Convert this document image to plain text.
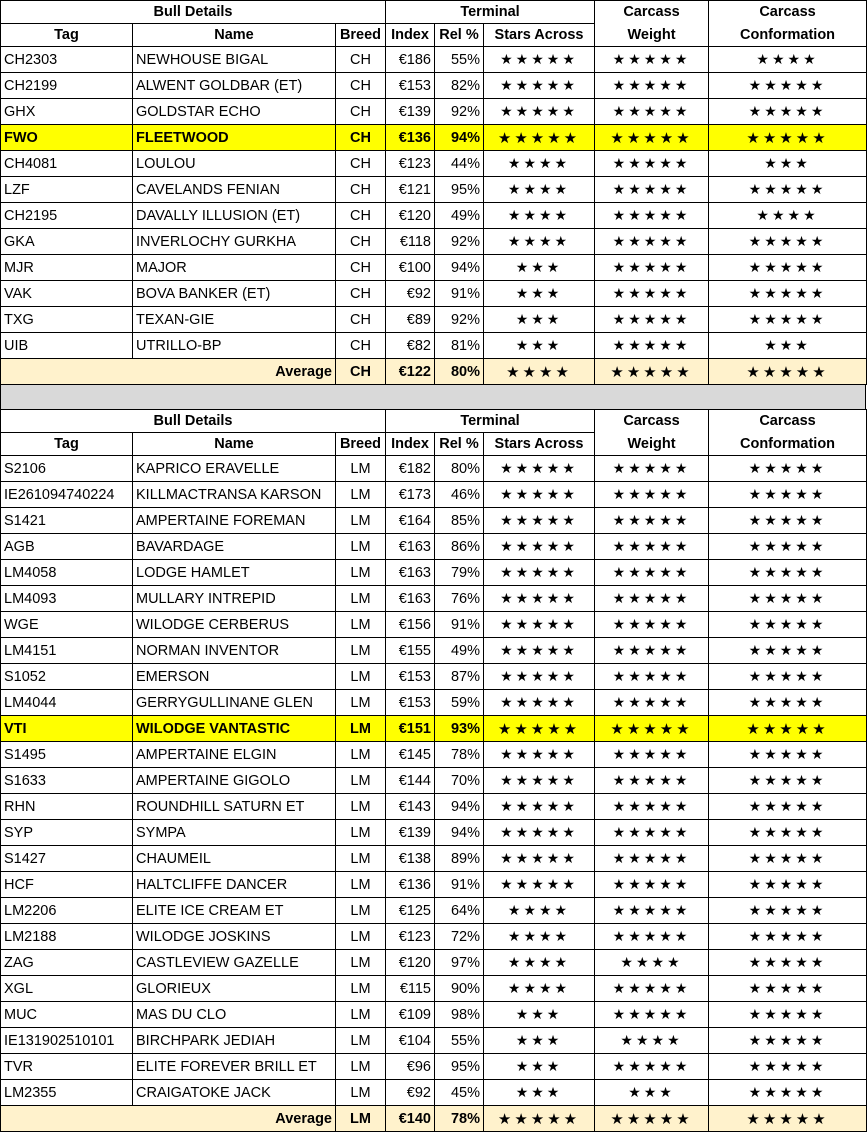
Bull Details			Terminal			Carcass	Carcass
Tag	Name	Breed	Index	Rel %	Stars Across	Weight	Conformation
CH2303	NEWHOUSE BIGAL	CH	€186	55%	★★★★★	★★★★★	★★★★
CH2199	ALWENT GOLDBAR (ET)	CH	€153	82%	★★★★★	★★★★★	★★★★★
GHX	GOLDSTAR ECHO	CH	€139	92%	★★★★★	★★★★★	★★★★★
FWO	FLEETWOOD	CH	€136	94%	★★★★★	★★★★★	★★★★★
CH4081	LOULOU	CH	€123	44%	★★★★	★★★★★	★★★
LZF	CAVELANDS FENIAN	CH	€121	95%	★★★★	★★★★★	★★★★★
CH2195	DAVALLY ILLUSION (ET)	CH	€120	49%	★★★★	★★★★★	★★★★
GKA	INVERLOCHY GURKHA	CH	€118	92%	★★★★	★★★★★	★★★★★
MJR	MAJOR	CH	€100	94%	★★★	★★★★★	★★★★★
VAK	BOVA BANKER (ET)	CH	€92	91%	★★★	★★★★★	★★★★★
TXG	TEXAN-GIE	CH	€89	92%	★★★	★★★★★	★★★★★
UIB	UTRILLO-BP	CH	€82	81%	★★★	★★★★★	★★★
Average		CH	€122	80%	★★★★	★★★★★	★★★★★
Bull Details			Terminal			Carcass	Carcass
Tag	Name	Breed	Index	Rel %	Stars Across	Weight	Conformation
S2106	KAPRICO ERAVELLE	LM	€182	80%	★★★★★	★★★★★	★★★★★
IE261094740224	KILLMACTRANSA KARSON	LM	€173	46%	★★★★★	★★★★★	★★★★★
S1421	AMPERTAINE FOREMAN	LM	€164	85%	★★★★★	★★★★★	★★★★★
AGB	BAVARDAGE	LM	€163	86%	★★★★★	★★★★★	★★★★★
LM4058	LODGE HAMLET	LM	€163	79%	★★★★★	★★★★★	★★★★★
LM4093	MULLARY INTREPID	LM	€163	76%	★★★★★	★★★★★	★★★★★
WGE	WILODGE CERBERUS	LM	€156	91%	★★★★★	★★★★★	★★★★★
LM4151	NORMAN INVENTOR	LM	€155	49%	★★★★★	★★★★★	★★★★★
S1052	EMERSON	LM	€153	87%	★★★★★	★★★★★	★★★★★
LM4044	GERRYGULLINANE GLEN	LM	€153	59%	★★★★★	★★★★★	★★★★★
VTI	WILODGE VANTASTIC	LM	€151	93%	★★★★★	★★★★★	★★★★★
S1495	AMPERTAINE ELGIN	LM	€145	78%	★★★★★	★★★★★	★★★★★
S1633	AMPERTAINE GIGOLO	LM	€144	70%	★★★★★	★★★★★	★★★★★
RHN	ROUNDHILL SATURN ET	LM	€143	94%	★★★★★	★★★★★	★★★★★
SYP	SYMPA	LM	€139	94%	★★★★★	★★★★★	★★★★★
S1427	CHAUMEIL	LM	€138	89%	★★★★★	★★★★★	★★★★★
HCF	HALTCLIFFE DANCER	LM	€136	91%	★★★★★	★★★★★	★★★★★
LM2206	ELITE ICE CREAM ET	LM	€125	64%	★★★★	★★★★★	★★★★★
LM2188	WILODGE JOSKINS	LM	€123	72%	★★★★	★★★★★	★★★★★
ZAG	CASTLEVIEW GAZELLE	LM	€120	97%	★★★★	★★★★	★★★★★
XGL	GLORIEUX	LM	€115	90%	★★★★	★★★★★	★★★★★
MUC	MAS DU CLO	LM	€109	98%	★★★	★★★★★	★★★★★
IE131902510101	BIRCHPARK JEDIAH	LM	€104	55%	★★★	★★★★	★★★★★
TVR	ELITE FOREVER BRILL ET	LM	€96	95%	★★★	★★★★★	★★★★★
LM2355	CRAIGATOKE JACK	LM	€92	45%	★★★	★★★	★★★★★
Average		LM	€140	78%	★★★★★	★★★★★	★★★★★
